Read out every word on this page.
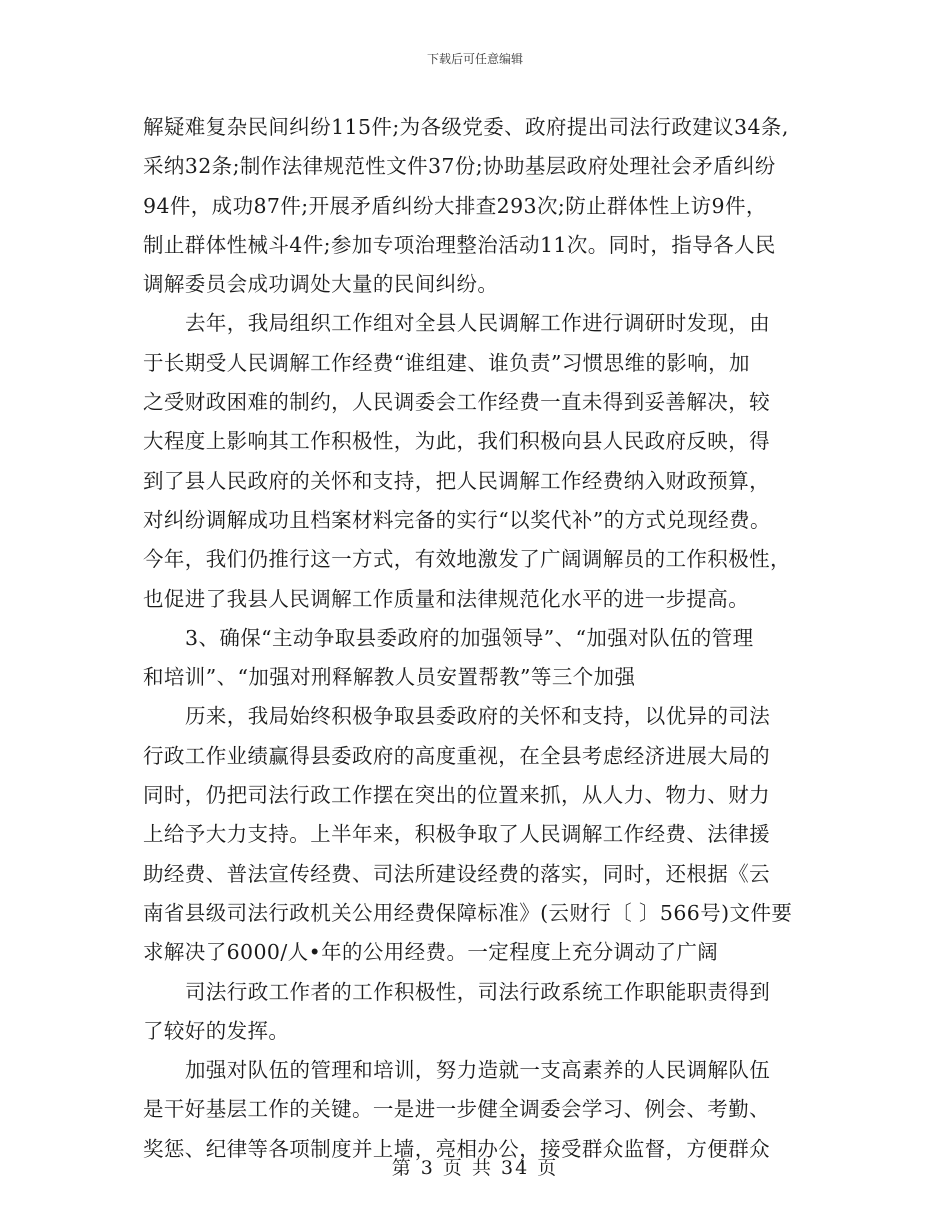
下载后可任意编辑
解疑难复杂民间纠纷115件;为各级党委、政府提出司法行政建议34条,
采纳32条;制作法律规范性文件37份;协助基层政府处理社会矛盾纠纷
94件，成功87件;开展矛盾纠纷大排查293次;防止群体性上访9件，
制止群体性械斗4件;参加专项治理整治活动11次。同时，指导各人民
调解委员会成功调处大量的民间纠纷。
去年，我局组织工作组对全县人民调解工作进行调研时发现，由
于长期受人民调解工作经费“谁组建、谁负责”习惯思维的影响，加
之受财政困难的制约，人民调委会工作经费一直未得到妥善解决，较
大程度上影响其工作积极性，为此，我们积极向县人民政府反映，得
到了县人民政府的关怀和支持，把人民调解工作经费纳入财政预算，
对纠纷调解成功且档案材料完备的实行“以奖代补”的方式兑现经费。
今年，我们仍推行这一方式，有效地激发了广阔调解员的工作积极性，
也促进了我县人民调解工作质量和法律规范化水平的进一步提高。
3、确保“主动争取县委政府的加强领导”、“加强对队伍的管理
和培训”、“加强对刑释解教人员安置帮教”等三个加强
历来，我局始终积极争取县委政府的关怀和支持，以优异的司法
行政工作业绩赢得县委政府的高度重视，在全县考虑经济进展大局的
同时，仍把司法行政工作摆在突出的位置来抓，从人力、物力、财力
上给予大力支持。上半年来，积极争取了人民调解工作经费、法律援
助经费、普法宣传经费、司法所建设经费的落实，同时，还根据《云
南省县级司法行政机关公用经费保障标准》(云财行〔 〕566号)文件要
求解决了6000/人•年的公用经费。一定程度上充分调动了广阔
司法行政工作者的工作积极性，司法行政系统工作职能职责得到
了较好的发挥。
加强对队伍的管理和培训，努力造就一支高素养的人民调解队伍
是干好基层工作的关键。一是进一步健全调委会学习、例会、考勤、
奖惩、纪律等各项制度并上墙，亮相办公，接受群众监督，方便群众
第 3 页 共 34 页
